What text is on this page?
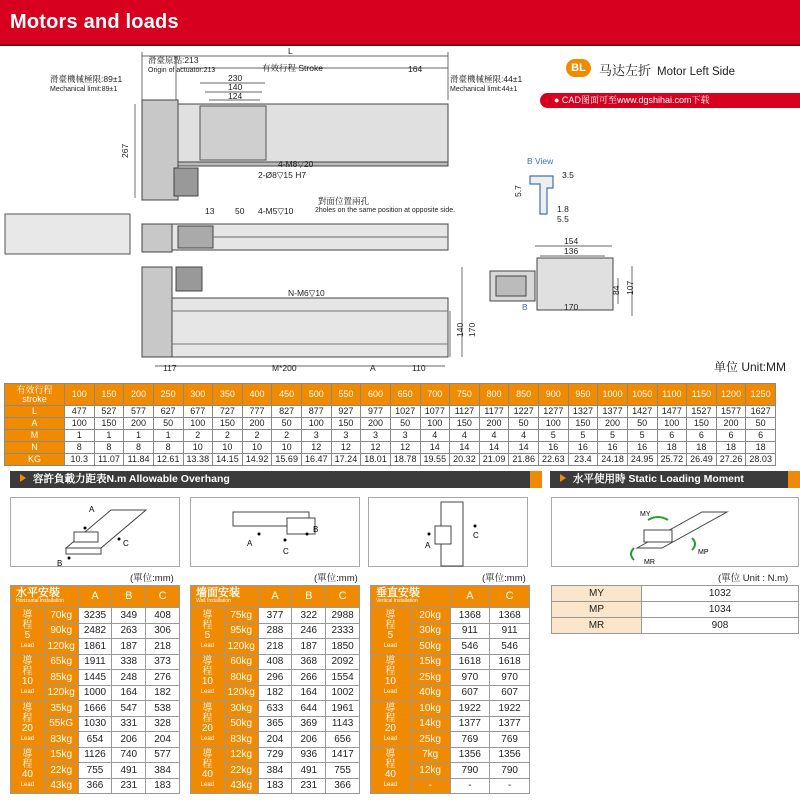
Motors and loads
L
滑臺原點:213
Origin of actuator:213
滑臺機械極限:89±1
Mechanical limit:89±1
有效行程 Stroke
滑臺機械極限:44±1
Mechanical limit:44±1
230
140
124
164
267
4-M8▽20
2-Ø8▽15 H7
13 50 4-M5▽10
對面位置兩孔
2holes on the same position at opposite side.
N-M6▽10
117	M*200	A	110
140 170
B View
3.5
5.7
1.8
5.5
154
136
84 107
170
B
BL	马达左折 Motor Left Side
● CAD图面可至www.dgshihai.com下载
单位 Unit:MM
有效行程
stroke	100	150	200	250	300	350	400	450	500	550	600	650	700	750	800	850	900	950	1000	1050	1100	1150	1200	1250
L	477	527	577	627	677	727	777	827	877	927	977	1027	1077	1127	1177	1227	1277	1327	1377	1427	1477	1527	1577	1627
A	100	150	200	50	100	150	200	50	100	150	200	50	100	150	200	50	100	150	200	50	100	150	200	50
M	1	1	1	1	2	2	2	2	3	3	3	3	4	4	4	4	5	5	5	5	6	6	6	6
N	8	8	8	8	10	10	10	10	12	12	12	12	14	14	14	14	16	16	16	16	18	18	18	18
KG	10.3	11.07	11.84	12.61	13.38	14.15	14.92	15.69	16.47	17.24	18.01	18.78	19.55	20.32	21.09	21.86	22.63	23.4	24.18	24.95	25.72	26.49	27.26	28.03
容許負載力距表N.m Allowable Overhang	水平使用時 Static Loading Moment
A
C
B
A
C
B
A
C
MY
MP
MR
(單位:mm)	(單位:mm)	(單位:mm)	(單位 Unit : N.m)
水平安裝
Horizontal Installation		A	B	C
導
程
5
Lead	70kg	3235	349	408
	90kg	2482	263	306
	120kg	1861	187	218
導
程
10
Lead	65kg	1911	338	373
	85kg	1445	248	276
	120kg	1000	164	182
導
程
20
Lead	35kg	1666	547	538
	55kG	1030	331	328
	83kg	654	206	204
導
程
40
Lead	15kg	1126	740	577
	22kg	755	491	384
	43kg	366	231	183
墙面安装
Wall Installation		A	B	C
導
程
5
Lead	75kg	377	322	2988
	95kg	288	246	2333
	120kg	218	187	1850
導
程
10
Lead	60kg	408	368	2092
	80kg	296	266	1554
	120kg	182	164	1002
導
程
20
Lead	30kg	633	644	1961
	50kg	365	369	1143
	83kg	204	206	656
導
程
40
Lead	12kg	729	936	1417
	22kg	384	491	755
	43kg	183	231	366
垂直安裝
Vertical Installation		A	C
導
程
5
Lead	20kg	1368	1368
	30kg	911	911
	50kg	546	546
導
程
10
Lead	15kg	1618	1618
	25kg	970	970
	40kg	607	607
導
程
20
Lead	10kg	1922	1922
	14kg	1377	1377
	25kg	769	769
導
程
40
Lead	7kg	1356	1356
	12kg	790	790
	-	-	-
MY	1032
MP	1034
MR	908
